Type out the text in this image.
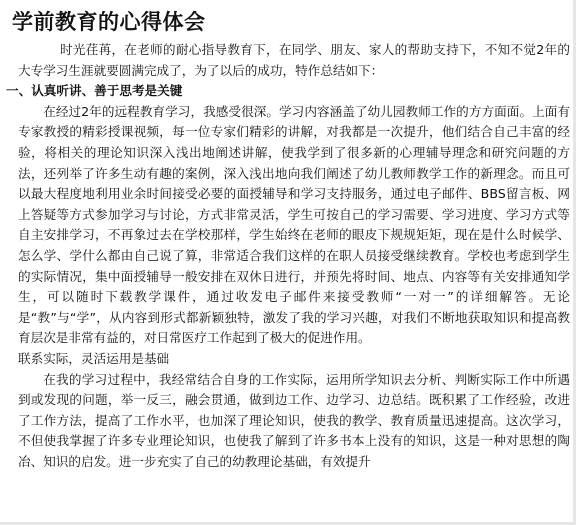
学前教育的心得体会

时光荏苒，在老师的耐心指导教育下，在同学、朋友、家人的帮助支持下，不知不觉2年的大专学习生涯就要圆满完成了，为了以后的成功，特作总结如下：

一、认真听讲、善于思考是关键

在经过2年的远程教育学习，我感受很深。学习内容涵盖了幼儿园教师工作的方方面面。上面有专家教授的精彩授课视频，每一位专家们精彩的讲解，对我都是一次提升，他们结合自己丰富的经验，将相关的理论知识深入浅出地阐述讲解，使我学到了很多新的心理辅导理念和研究问题的方法，还列举了许多生动有趣的案例，深入浅出地向我们阐述了幼儿教师教学工作的新理念。而且可以最大程度地利用业余时间接受必要的面授辅导和学习支持服务，通过电子邮件、BBS留言板、网上答疑等方式参加学习与讨论，方式非常灵活，学生可按自己的学习需要、学习进度、学习方式等自主安排学习，不再象过去在学校那样，学生始终在老师的眼皮下规规矩矩，现在是什么时候学、怎么学、学什么都由自己说了算，非常适合我们这样的在职人员接受继续教育。学校也考虑到学生的实际情况，集中面授辅导一般安排在双休日进行，并预先将时间、地点、内容等有关安排通知学生，可以随时下载教学课件，通过收发电子邮件来接受教师“一对一”的详细解答。无论是“教”与“学”，从内容到形式都新颖独特，激发了我的学习兴趣，对我们不断地获取知识和提高教育层次是非常有益的，对日常医疗工作起到了极大的促进作用。

联系实际，灵活运用是基础

在我的学习过程中，我经常结合自身的工作实际，运用所学知识去分析、判断实际工作中所遇到或发现的问题，举一反三，融会贯通，做到边工作、边学习、边总结。既积累了工作经验，改进了工作方法，提高了工作水平，也加深了理论知识，使我的教学、教育质量迅速提高。这次学习，不但使我掌握了许多专业理论知识，也使我了解到了许多书本上没有的知识，这是一种对思想的陶冶、知识的启发。进一步充实了自己的幼教理论基础，有效提升
